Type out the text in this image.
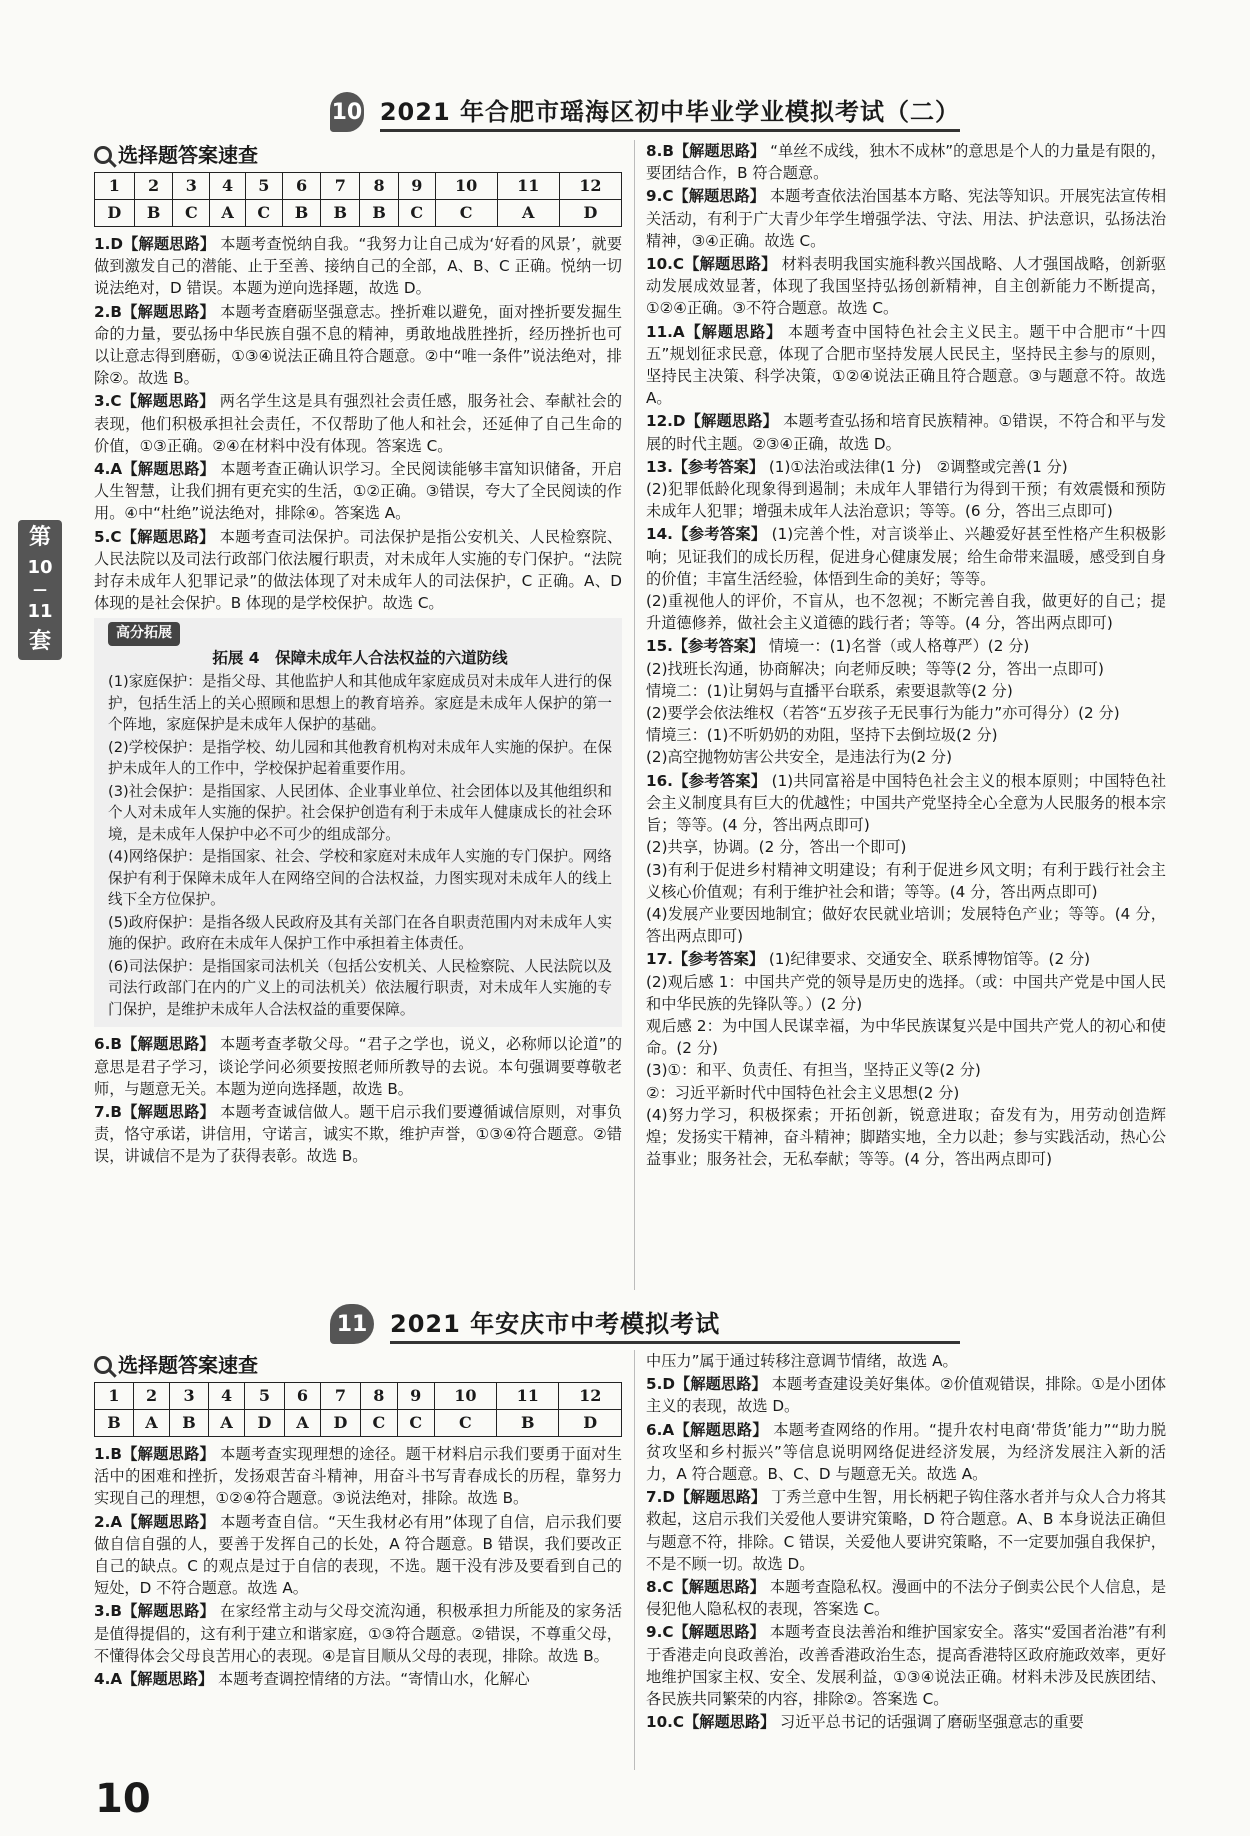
第
10
—
11
套
10 2021 年合肥市瑶海区初中毕业学业模拟考试（二）
选择题答案速查
1	2	3	4	5	6	7	8	9	10	11	12
D	B	C	A	C	B	B	B	C	C	A	D

1.D【解题思路】 本题考查悦纳自我。“我努力让自己成为‘好看的风景’，就要做到激发自己的潜能、止于至善、接纳自己的全部，A、B、C 正确。悦纳一切说法绝对，D 错误。本题为逆向选择题，故选 D。

2.B【解题思路】 本题考查磨砺坚强意志。挫折难以避免，面对挫折要发掘生命的力量，要弘扬中华民族自强不息的精神，勇敢地战胜挫折，经历挫折也可以让意志得到磨砺，①③④说法正确且符合题意。②中“唯一条件”说法绝对，排除②。故选 B。

3.C【解题思路】 两名学生这是具有强烈社会责任感，服务社会、奉献社会的表现，他们积极承担社会责任，不仅帮助了他人和社会，还延伸了自己生命的价值，①③正确。②④在材料中没有体现。答案选 C。

4.A【解题思路】 本题考查正确认识学习。全民阅读能够丰富知识储备，开启人生智慧，让我们拥有更充实的生活，①②正确。③错误，夸大了全民阅读的作用。④中“杜绝”说法绝对，排除④。答案选 A。

5.C【解题思路】 本题考查司法保护。司法保护是指公安机关、人民检察院、人民法院以及司法行政部门依法履行职责，对未成年人实施的专门保护。“法院封存未成年人犯罪记录”的做法体现了对未成年人的司法保护，C 正确。A、D 体现的是社会保护。B 体现的是学校保护。故选 C。

高分拓展
拓展 4　保障未成年人合法权益的六道防线

(1)家庭保护：是指父母、其他监护人和其他成年家庭成员对未成年人进行的保护，包括生活上的关心照顾和思想上的教育培养。家庭是未成年人保护的第一个阵地，家庭保护是未成年人保护的基础。

(2)学校保护：是指学校、幼儿园和其他教育机构对未成年人实施的保护。在保护未成年人的工作中，学校保护起着重要作用。

(3)社会保护：是指国家、人民团体、企业事业单位、社会团体以及其他组织和个人对未成年人实施的保护。社会保护创造有利于未成年人健康成长的社会环境，是未成年人保护中必不可少的组成部分。

(4)网络保护：是指国家、社会、学校和家庭对未成年人实施的专门保护。网络保护有利于保障未成年人在网络空间的合法权益，力图实现对未成年人的线上线下全方位保护。

(5)政府保护：是指各级人民政府及其有关部门在各自职责范围内对未成年人实施的保护。政府在未成年人保护工作中承担着主体责任。

(6)司法保护：是指国家司法机关（包括公安机关、人民检察院、人民法院以及司法行政部门在内的广义上的司法机关）依法履行职责，对未成年人实施的专门保护，是维护未成年人合法权益的重要保障。

6.B【解题思路】 本题考查孝敬父母。“君子之学也，说义，必称师以论道”的意思是君子学习，谈论学问必须要按照老师所教导的去说。本句强调要尊敬老师，与题意无关。本题为逆向选择题，故选 B。

7.B【解题思路】 本题考查诚信做人。题干启示我们要遵循诚信原则，对事负责，恪守承诺，讲信用，守诺言，诚实不欺，维护声誉，①③④符合题意。②错误，讲诚信不是为了获得表彰。故选 B。

8.B【解题思路】 “单丝不成线，独木不成林”的意思是个人的力量是有限的，要团结合作，B 符合题意。

9.C【解题思路】 本题考查依法治国基本方略、宪法等知识。开展宪法宣传相关活动，有利于广大青少年学生增强学法、守法、用法、护法意识，弘扬法治精神，③④正确。故选 C。

10.C【解题思路】 材料表明我国实施科教兴国战略、人才强国战略，创新驱动发展成效显著，体现了我国坚持弘扬创新精神，自主创新能力不断提高，①②④正确。③不符合题意。故选 C。

11.A【解题思路】 本题考查中国特色社会主义民主。题干中合肥市“十四五”规划征求民意，体现了合肥市坚持发展人民民主，坚持民主参与的原则，坚持民主决策、科学决策，①②④说法正确且符合题意。③与题意不符。故选 A。

12.D【解题思路】 本题考查弘扬和培育民族精神。①错误，不符合和平与发展的时代主题。②③④正确，故选 D。

13.【参考答案】 (1)①法治或法律(1 分)　②调整或完善(1 分)
(2)犯罪低龄化现象得到遏制；未成年人罪错行为得到干预；有效震慑和预防未成年人犯罪；增强未成年人法治意识；等等。(6 分，答出三点即可)

14.【参考答案】 (1)完善个性，对言谈举止、兴趣爱好甚至性格产生积极影响；见证我们的成长历程，促进身心健康发展；给生命带来温暖，感受到自身的价值；丰富生活经验，体悟到生命的美好；等等。
(2)重视他人的评价，不盲从，也不忽视；不断完善自我，做更好的自己；提升道德修养，做社会主义道德的践行者；等等。(4 分，答出两点即可)

15.【参考答案】 情境一：(1)名誉（或人格尊严）(2 分)
(2)找班长沟通，协商解决；向老师反映；等等(2 分，答出一点即可)
情境二：(1)让舅妈与直播平台联系，索要退款等(2 分)
(2)要学会依法维权（若答“五岁孩子无民事行为能力”亦可得分）(2 分)
情境三：(1)不听奶奶的劝阻，坚持下去倒垃圾(2 分)
(2)高空抛物妨害公共安全，是违法行为(2 分)

16.【参考答案】 (1)共同富裕是中国特色社会主义的根本原则；中国特色社会主义制度具有巨大的优越性；中国共产党坚持全心全意为人民服务的根本宗旨；等等。(4 分，答出两点即可)
(2)共享，协调。(2 分，答出一个即可)
(3)有利于促进乡村精神文明建设；有利于促进乡风文明；有利于践行社会主义核心价值观；有利于维护社会和谐；等等。(4 分，答出两点即可)
(4)发展产业要因地制宜；做好农民就业培训；发展特色产业；等等。(4 分，答出两点即可)

17.【参考答案】 (1)纪律要求、交通安全、联系博物馆等。(2 分)
(2)观后感 1：中国共产党的领导是历史的选择。（或：中国共产党是中国人民和中华民族的先锋队等。）(2 分)
观后感 2：为中国人民谋幸福，为中华民族谋复兴是中国共产党人的初心和使命。(2 分)
(3)①：和平、负责任、有担当，坚持正义等(2 分)
②：习近平新时代中国特色社会主义思想(2 分)
(4)努力学习，积极探索；开拓创新，锐意进取；奋发有为，用劳动创造辉煌；发扬实干精神，奋斗精神；脚踏实地，全力以赴；参与实践活动，热心公益事业；服务社会，无私奉献；等等。(4 分，答出两点即可)

11 2021 年安庆市中考模拟考试
选择题答案速查
1	2	3	4	5	6	7	8	9	10	11	12
B	A	B	A	D	A	D	C	C	C	B	D

1.B【解题思路】 本题考查实现理想的途径。题干材料启示我们要勇于面对生活中的困难和挫折，发扬艰苦奋斗精神，用奋斗书写青春成长的历程，靠努力实现自己的理想，①②④符合题意。③说法绝对，排除。故选 B。

2.A【解题思路】 本题考查自信。“天生我材必有用”体现了自信，启示我们要做自信自强的人，要善于发挥自己的长处，A 符合题意。B 错误，我们要改正自己的缺点。C 的观点是过于自信的表现，不选。题干没有涉及要看到自己的短处，D 不符合题意。故选 A。

3.B【解题思路】 在家经常主动与父母交流沟通，积极承担力所能及的家务活是值得提倡的，这有利于建立和谐家庭，①③符合题意。②错误，不尊重父母，不懂得体会父母良苦用心的表现。④是盲目顺从父母的表现，排除。故选 B。

4.A【解题思路】 本题考查调控情绪的方法。“寄情山水，化解心

中压力”属于通过转移注意调节情绪，故选 A。

5.D【解题思路】 本题考查建设美好集体。②价值观错误，排除。①是小团体主义的表现，故选 D。

6.A【解题思路】 本题考查网络的作用。“提升农村电商‘带货’能力”“助力脱贫攻坚和乡村振兴”等信息说明网络促进经济发展，为经济发展注入新的活力，A 符合题意。B、C、D 与题意无关。故选 A。

7.D【解题思路】 丁秀兰意中生智，用长柄耙子钩住落水者并与众人合力将其救起，这启示我们关爱他人要讲究策略，D 符合题意。A、B 本身说法正确但与题意不符，排除。C 错误，关爱他人要讲究策略，不一定要加强自我保护，不是不顾一切。故选 D。

8.C【解题思路】 本题考查隐私权。漫画中的不法分子倒卖公民个人信息，是侵犯他人隐私权的表现，答案选 C。

9.C【解题思路】 本题考查良法善治和维护国家安全。落实“爱国者治港”有利于香港走向良政善治，改善香港政治生态，提高香港特区政府施政效率，更好地维护国家主权、安全、发展利益，①③④说法正确。材料未涉及民族团结、各民族共同繁荣的内容，排除②。答案选 C。

10.C【解题思路】 习近平总书记的话强调了磨砺坚强意志的重要

10
